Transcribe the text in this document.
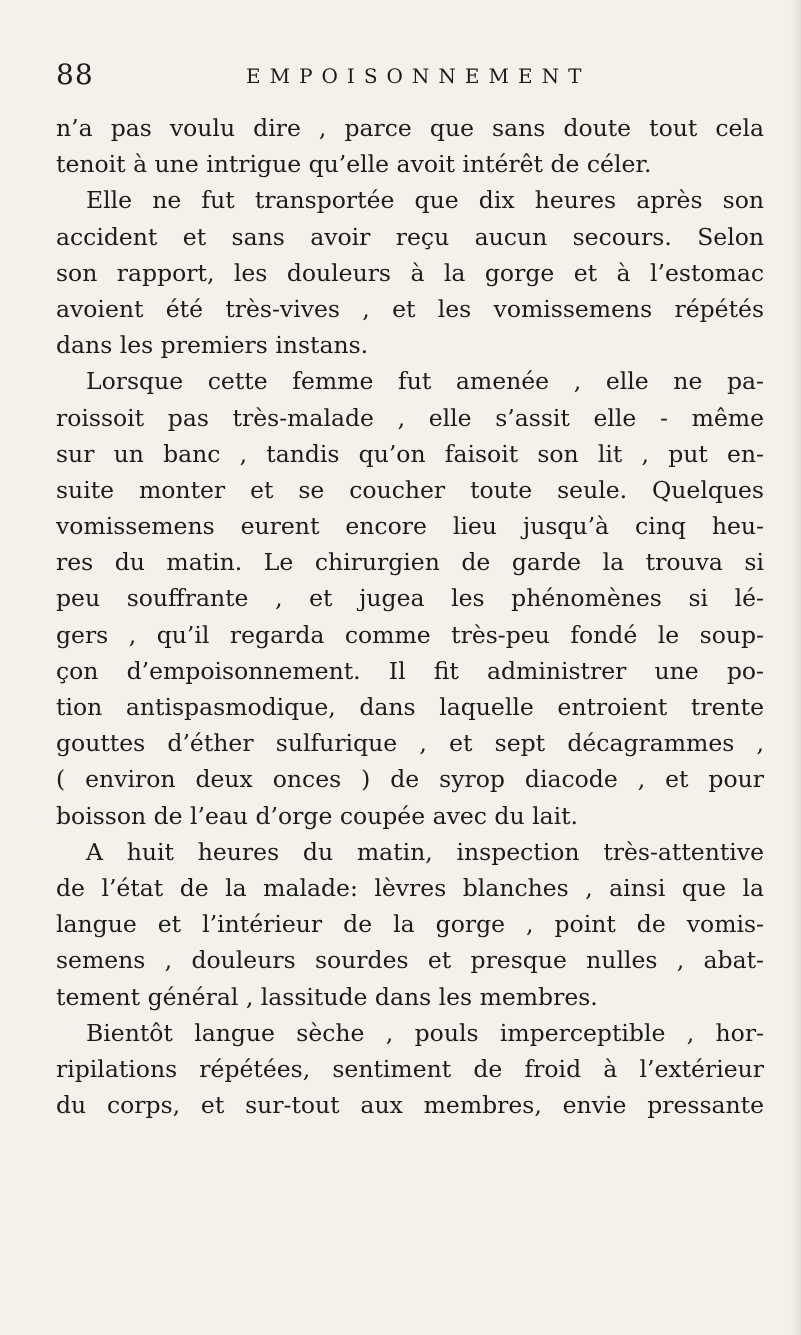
88	EMPOISONNEMENT
n’a pas voulu dire , parce que sans doute tout cela
tenoit à une intrigue qu’elle avoit intérêt de céler.
Elle ne fut transportée que dix heures après son
accident et sans avoir reçu aucun secours. Selon
son rapport, les douleurs à la gorge et à l’estomac
avoient été très-vives , et les vomissemens répétés
dans les premiers instans.
Lorsque cette femme fut amenée , elle ne pa-
roissoit pas très-malade , elle s’assit elle - même
sur un banc , tandis qu’on faisoit son lit , put en-
suite monter et se coucher toute seule. Quelques
vomissemens eurent encore lieu jusqu’à cinq heu-
res du matin. Le chirurgien de garde la trouva si
peu souffrante , et jugea les phénomènes si lé-
gers , qu’il regarda comme très-peu fondé le soup-
çon d’empoisonnement. Il fit administrer une po-
tion antispasmodique, dans laquelle entroient trente
gouttes d’éther sulfurique , et sept décagrammes ,
( environ deux onces ) de syrop diacode , et pour
boisson de l’eau d’orge coupée avec du lait.
A huit heures du matin, inspection très-attentive
de l’état de la malade: lèvres blanches , ainsi que la
langue et l’intérieur de la gorge , point de vomis-
semens , douleurs sourdes et presque nulles , abat-
tement général , lassitude dans les membres.
Bientôt langue sèche , pouls imperceptible , hor-
ripilations répétées, sentiment de froid à l’extérieur
du corps, et sur-tout aux membres, envie pressante
